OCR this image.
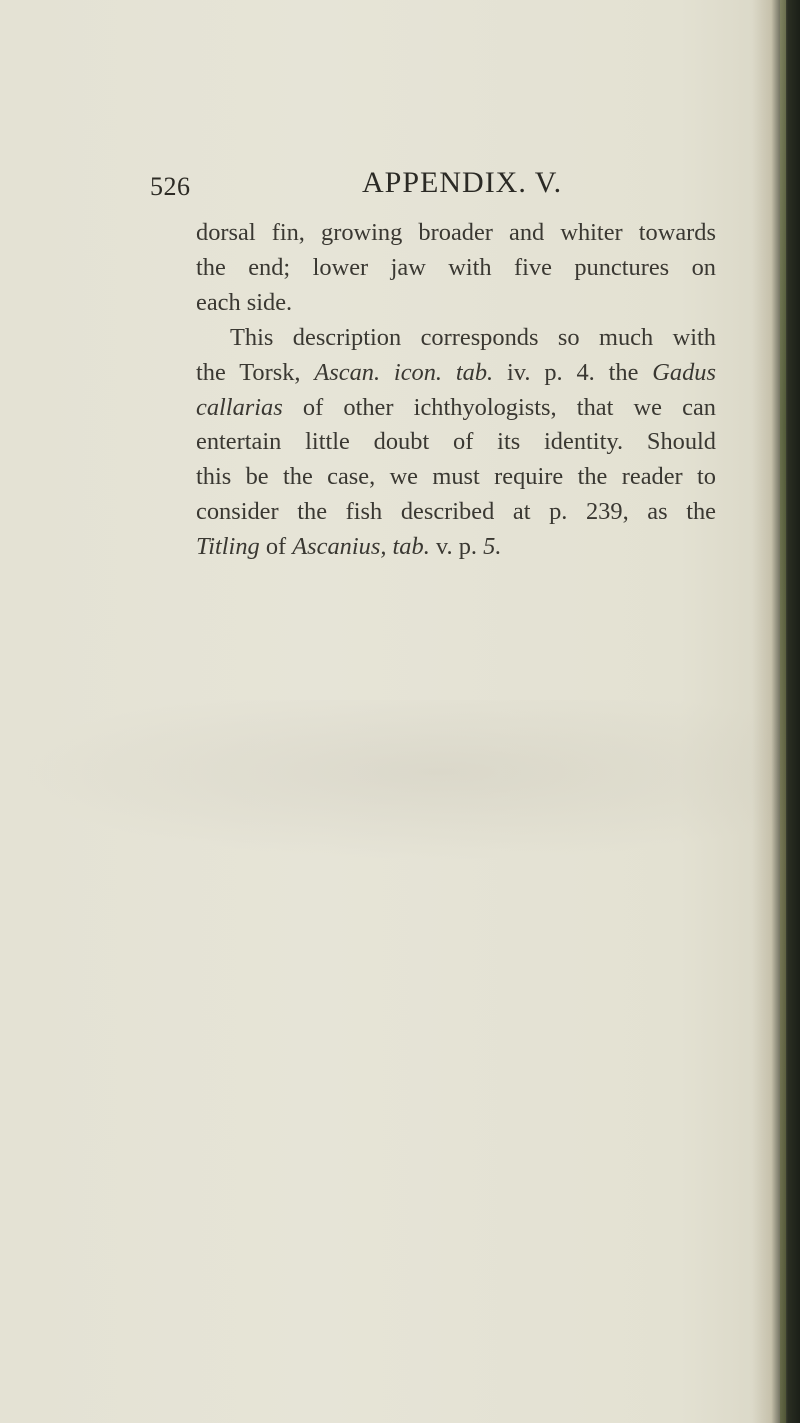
526	APPENDIX. V.
dorsal fin, growing broader and whiter towards
the end; lower jaw with five punctures on
each side.
This description corresponds so much with
the Torsk, Ascan. icon. tab. iv. p. 4. the Gadus
callarias of other ichthyologists, that we can
entertain little doubt of its identity. Should
this be the case, we must require the reader to
consider the fish described at p. 239, as the
Titling of Ascanius, tab. v. p. 5.
